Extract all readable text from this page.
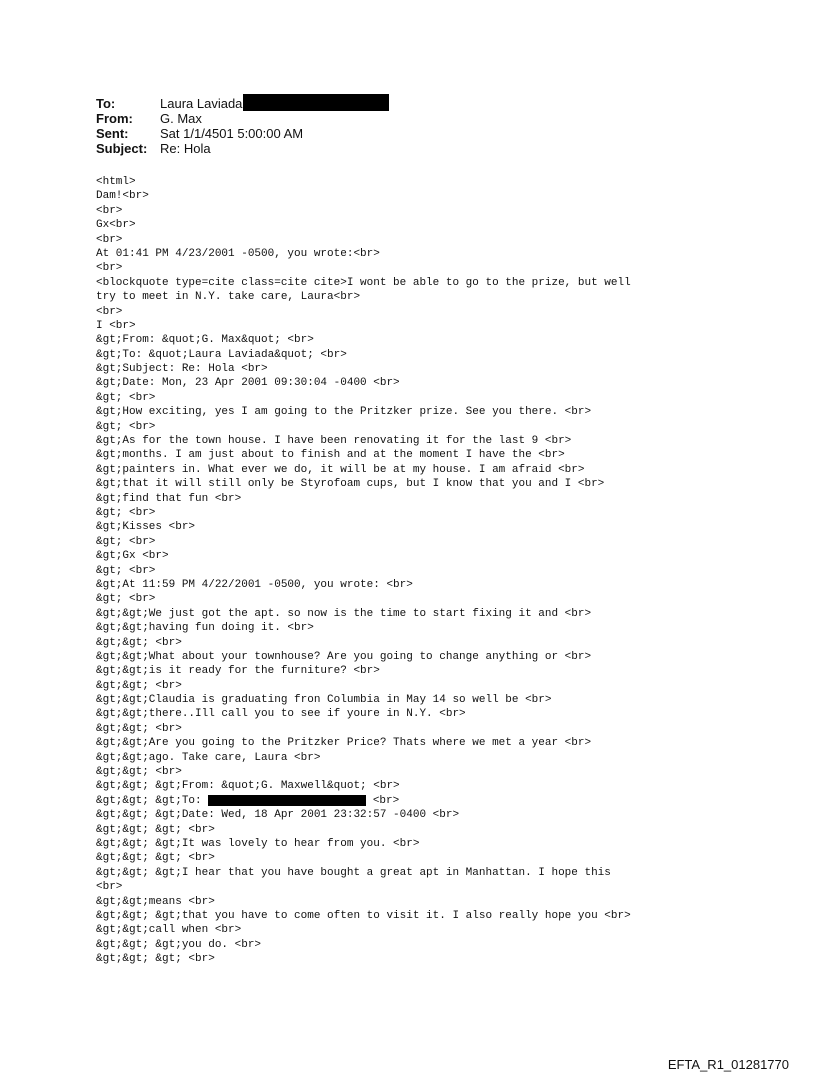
To:	Laura Laviada
From:	G. Max
Sent:	Sat 1/1/4501 5:00:00 AM
Subject: Re: Hola
<html>
Dam!<br>
<br>
Gx<br>
<br>
At 01:41 PM 4/23/2001 -0500, you wrote:<br>
<br>
<blockquote type=cite class=cite cite>I wont be able to go to the prize, but well
try to meet in N.Y. take care, Laura<br>
<br>
I <br>
&gt;From: &quot;G. Max&quot; <br>
&gt;To: &quot;Laura Laviada&quot; <br>
&gt;Subject: Re: Hola <br>
&gt;Date: Mon, 23 Apr 2001 09:30:04 -0400 <br>
&gt; <br>
&gt;How exciting, yes I am going to the Pritzker prize. See you there. <br>
&gt; <br>
&gt;As for the town house. I have been renovating it for the last 9 <br>
&gt;months. I am just about to finish and at the moment I have the <br>
&gt;painters in. What ever we do, it will be at my house. I am afraid <br>
&gt;that it will still only be Styrofoam cups, but I know that you and I <br>
&gt;find that fun <br>
&gt; <br>
&gt;Kisses <br>
&gt; <br>
&gt;Gx <br>
&gt; <br>
&gt;At 11:59 PM 4/22/2001 -0500, you wrote: <br>
&gt; <br>
&gt;&gt;We just got the apt. so now is the time to start fixing it and <br>
&gt;&gt;having fun doing it. <br>
&gt;&gt; <br>
&gt;&gt;What about your townhouse? Are you going to change anything or <br>
&gt;&gt;is it ready for the furniture? <br>
&gt;&gt; <br>
&gt;&gt;Claudia is graduating fron Columbia in May 14 so well be <br>
&gt;&gt;there..Ill call you to see if youre in N.Y. <br>
&gt;&gt; <br>
&gt;&gt;Are you going to the Pritzker Price? Thats where we met a year <br>
&gt;&gt;ago. Take care, Laura <br>
&gt;&gt; <br>
&gt;&gt; &gt;From: &quot;G. Maxwell&quot; <br>
&gt;&gt; &gt;To:	<br>
&gt;&gt; &gt;Date: Wed, 18 Apr 2001 23:32:57 -0400 <br>
&gt;&gt; &gt; <br>
&gt;&gt; &gt;It was lovely to hear from you. <br>
&gt;&gt; &gt; <br>
&gt;&gt; &gt;I hear that you have bought a great apt in Manhattan. I hope this
<br>
&gt;&gt;means <br>
&gt;&gt; &gt;that you have to come often to visit it. I also really hope you <br>
&gt;&gt;call when <br>
&gt;&gt; &gt;you do. <br>
&gt;&gt; &gt; <br>
EFTA_R1_01281770
